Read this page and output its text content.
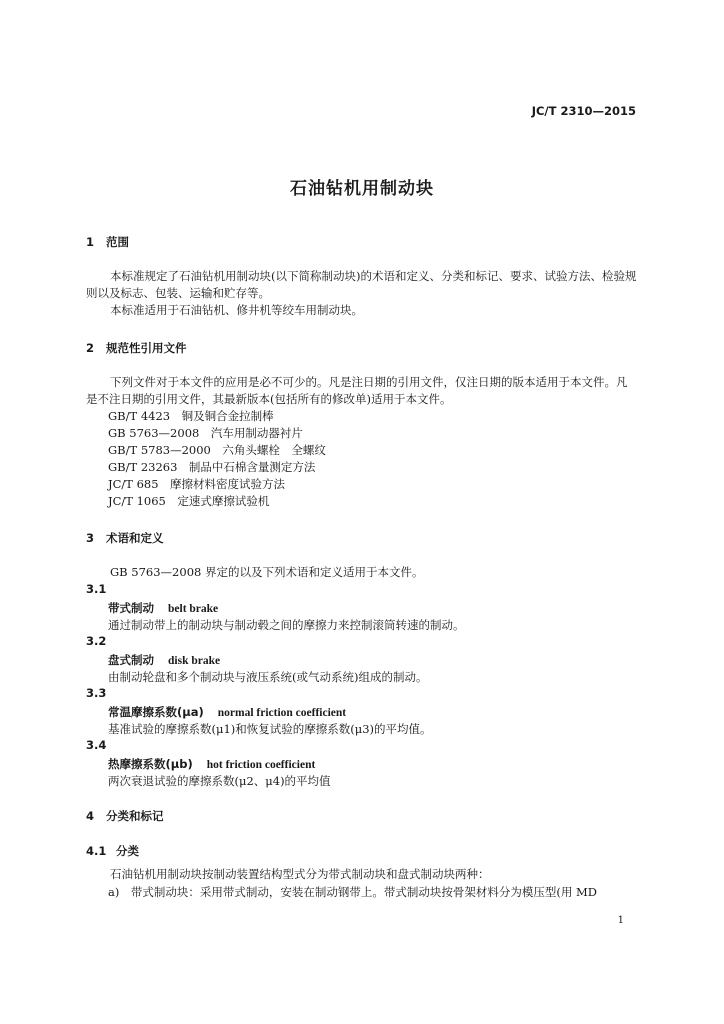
JC/T 2310—2015
石油钻机用制动块
1 范围
本标准规定了石油钻机用制动块(以下简称制动块)的术语和定义、分类和标记、要求、试验方法、检验规则以及标志、包装、运输和贮存等。
本标准适用于石油钻机、修井机等绞车用制动块。
2 规范性引用文件
下列文件对于本文件的应用是必不可少的。凡是注日期的引用文件，仅注日期的版本适用于本文件。凡是不注日期的引用文件，其最新版本(包括所有的修改单)适用于本文件。
GB/T 4423　铜及铜合金拉制棒
GB 5763—2008　汽车用制动器衬片
GB/T 5783—2000　六角头螺栓　全螺纹
GB/T 23263　制品中石棉含量测定方法
JC/T 685　摩擦材料密度试验方法
JC/T 1065　定速式摩擦试验机
3 术语和定义
GB 5763—2008 界定的以及下列术语和定义适用于本文件。
3.1
带式制动 belt brake
通过制动带上的制动块与制动毂之间的摩擦力来控制滚筒转速的制动。
3.2
盘式制动 disk brake
由制动轮盘和多个制动块与液压系统(或气动系统)组成的制动。
3.3
常温摩擦系数(μa) normal friction coefficient
基准试验的摩擦系数(μ1)和恢复试验的摩擦系数(μ3)的平均值。
3.4
热摩擦系数(μb) hot friction coefficient
两次衰退试验的摩擦系数(μ2、μ4)的平均值
4 分类和标记
4.1 分类
石油钻机用制动块按制动装置结构型式分为带式制动块和盘式制动块两种：
a)　带式制动块：采用带式制动，安装在制动钢带上。带式制动块按骨架材料分为模压型(用 MD
1
